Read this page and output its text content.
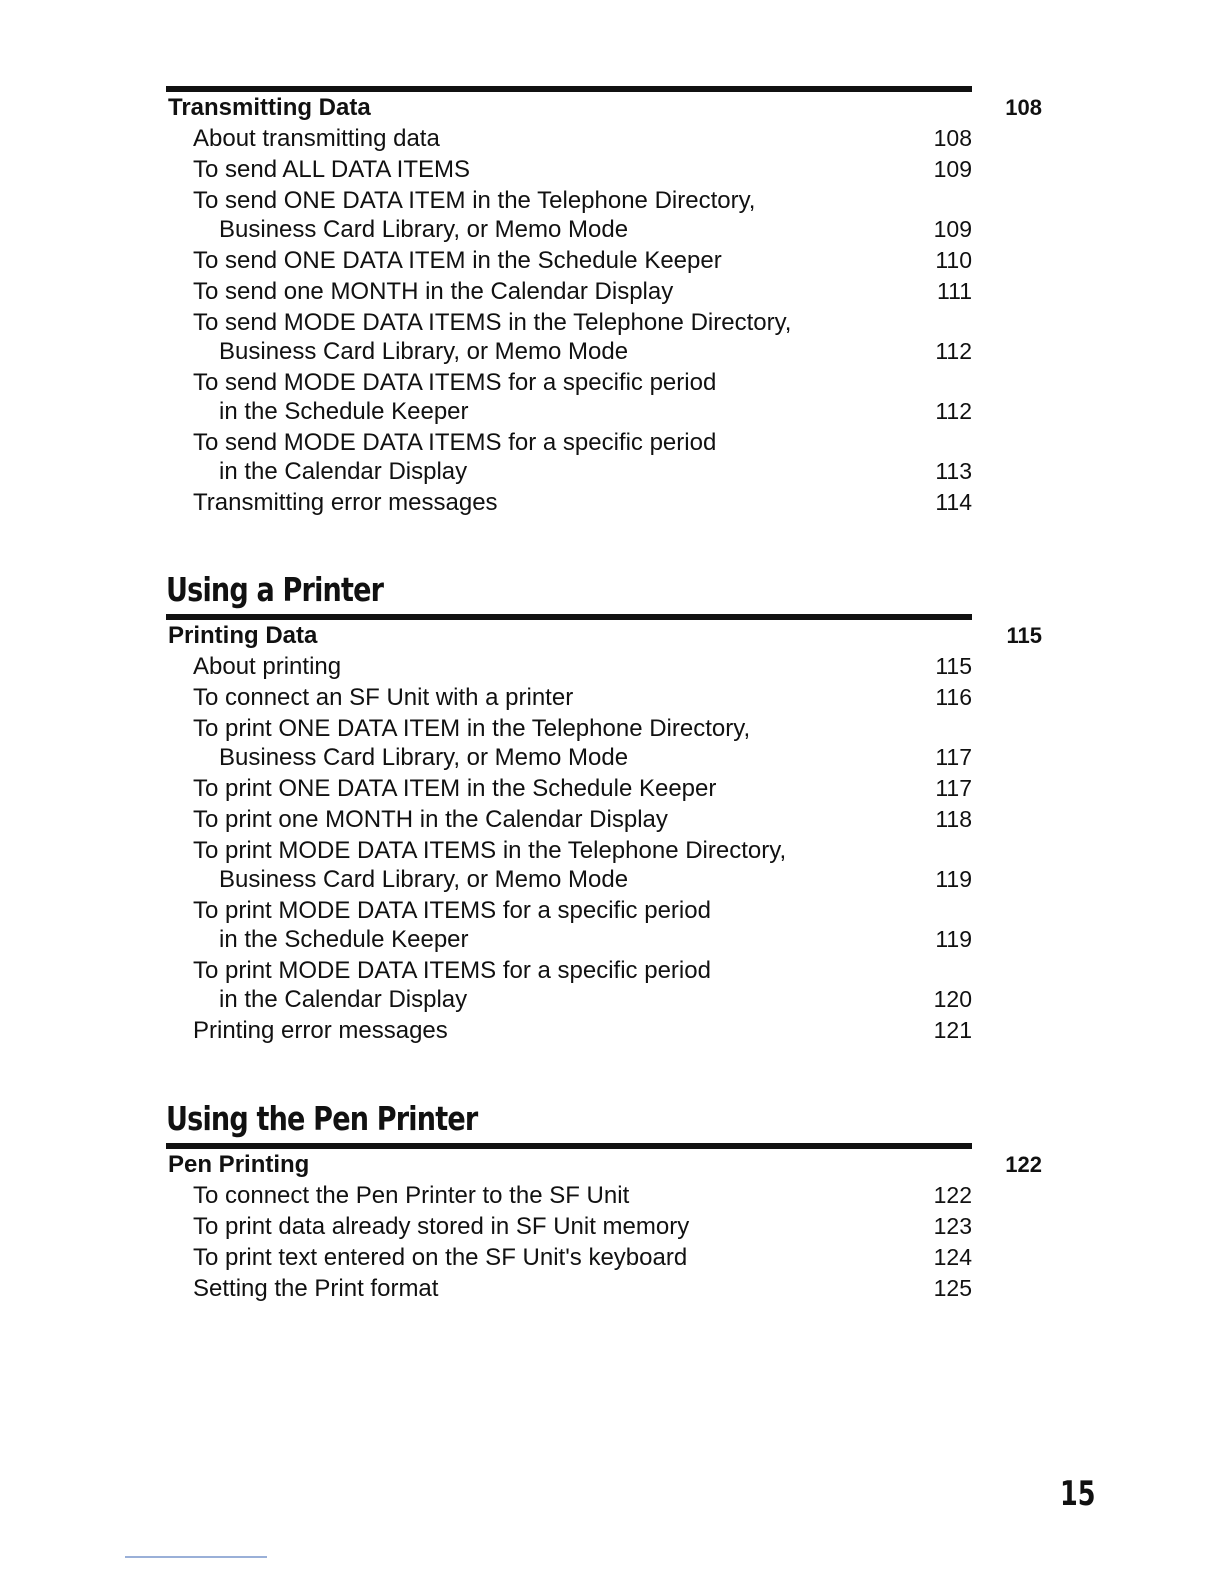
Transmitting Data	108
About transmitting data	108
To send ALL DATA ITEMS	109
To send ONE DATA ITEM in the Telephone Directory,
Business Card Library, or Memo Mode	109
To send ONE DATA ITEM in the Schedule Keeper	110
To send one MONTH in the Calendar Display	111
To send MODE DATA ITEMS in the Telephone Directory,
Business Card Library, or Memo Mode	112
To send MODE DATA ITEMS for a specific period
in the Schedule Keeper	112
To send MODE DATA ITEMS for a specific period
in the Calendar Display	113
Transmitting error messages	114
Using a Printer
Printing Data	115
About printing	115
To connect an SF Unit with a printer	116
To print ONE DATA ITEM in the Telephone Directory,
Business Card Library, or Memo Mode	117
To print ONE DATA ITEM in the Schedule Keeper	117
To print one MONTH in the Calendar Display	118
To print MODE DATA ITEMS in the Telephone Directory,
Business Card Library, or Memo Mode	119
To print MODE DATA ITEMS for a specific period
in the Schedule Keeper	119
To print MODE DATA ITEMS for a specific period
in the Calendar Display	120
Printing error messages	121
Using the Pen Printer
Pen Printing	122
To connect the Pen Printer to the SF Unit	122
To print data already stored in SF Unit memory	123
To print text entered on the SF Unit's keyboard	124
Setting the Print format	125
15
